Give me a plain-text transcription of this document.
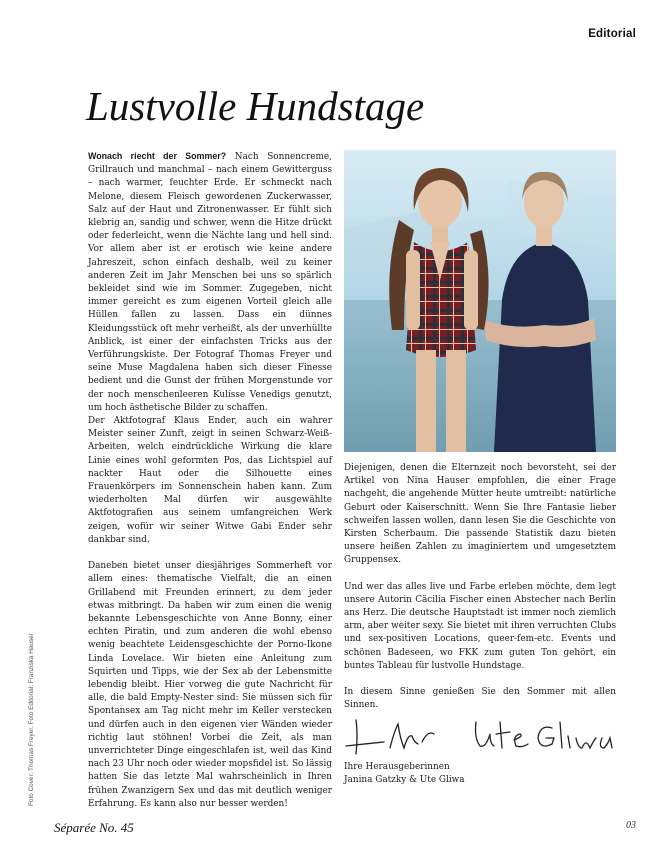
Editorial
Lustvolle Hundstage

Wonach riecht der Sommer? Nach Sonnencreme, Grillrauch und manchmal – nach einem Gewitterguss – nach warmer, feuchter Erde. Er schmeckt nach Melone, diesem Fleisch gewordenen Zuckerwasser, Salz auf der Haut und Zitronenwasser. Er fühlt sich klebrig an, sandig und schwer, wenn die Hitze drückt oder federleicht, wenn die Nächte lang und hell sind. Vor allem aber ist er erotisch wie keine andere Jahreszeit, schon einfach deshalb, weil zu keiner anderen Zeit im Jahr Menschen bei uns so spärlich bekleidet sind wie im Sommer. Zugegeben, nicht immer gereicht es zum eigenen Vorteil gleich alle Hüllen fallen zu lassen. Dass ein dünnes Kleidungsstück oft mehr verheißt, als der unverhüllte Anblick, ist einer der einfachsten Tricks aus der Verführungskiste. Der Fotograf Thomas Freyer und seine Muse Magdalena haben sich dieser Finesse bedient und die Gunst der frühen Morgenstunde vor der noch menschenleeren Kulisse Venedigs genutzt, um hoch ästhetische Bilder zu schaffen.

Der Aktfotograf Klaus Ender, auch ein wahrer Meister seiner Zunft, zeigt in seinen Schwarz-Weiß-Arbeiten, welch eindrückliche Wirkung die klare Linie eines wohl geformten Pos, das Lichtspiel auf nackter Haut oder die Silhouette eines Frauenkörpers im Sonnenschein haben kann. Zum wiederholten Mal dürfen wir ausgewählte Aktfotografien aus seinem umfangreichen Werk zeigen, wofür wir seiner Witwe Gabi Ender sehr dankbar sind.

Daneben bietet unser diesjähriges Sommerheft vor allem eines: thematische Vielfalt, die an einen Grillabend mit Freunden erinnert, zu dem jeder etwas mitbringt. Da haben wir zum einen die wenig bekannte Lebensgeschichte von Anne Bonny, einer echten Piratin, und zum anderen die wohl ebenso wenig beachtete Leidensgeschichte der Porno-Ikone Linda Lovelace. Wir bieten eine Anleitung zum Squirten und Tipps, wie der Sex ab der Lebensmitte lebendig bleibt. Hier vorweg die gute Nachricht für alle, die bald Empty-Nester sind: Sie müssen sich für Spontansex am Tag nicht mehr im Keller verstecken und dürfen auch in den eigenen vier Wänden wieder richtig laut stöhnen! Vorbei die Zeit, als man unverrichteter Dinge eingeschlafen ist, weil das Kind nach 23 Uhr noch oder wieder mopsfidel ist. So lässig hatten Sie das letzte Mal wahrscheinlich in Ihren frühen Zwanzigern Sex und das mit deutlich weniger Erfahrung. Es kann also nur besser werden!

Diejenigen, denen die Elternzeit noch bevorsteht, sei der Artikel von Nina Hauser empfohlen, die einer Frage nachgeht, die angehende Mütter heute umtreibt: natürliche Geburt oder Kaiserschnitt. Wenn Sie Ihre Fantasie lieber schweifen lassen wollen, dann lesen Sie die Geschichte von Kirsten Scherbaum. Die passende Statistik dazu bieten unsere heißen Zahlen zu imaginiertem und umgesetztem Gruppensex.

Und wer das alles live und Farbe erleben möchte, dem legt unsere Autorin Cäcilia Fischer einen Abstecher nach Berlin ans Herz. Die deutsche Hauptstadt ist immer noch ziemlich arm, aber weiter sexy. Sie bietet mit ihren verruchten Clubs und sex-positiven Locations, queer-fem-etc. Events und schönen Badeseen, wo FKK zum guten Ton gehört, ein buntes Tableau für lustvolle Hundstage.

In diesem Sinne genießen Sie den Sommer mit allen Sinnen.

Ihre Herausgeberinnen
Janina Gatzky & Ute Gliwa
Foto Cover: Thomas Freyer. Foto Editorial: Franziska Hauser
Séparée No. 45	03
